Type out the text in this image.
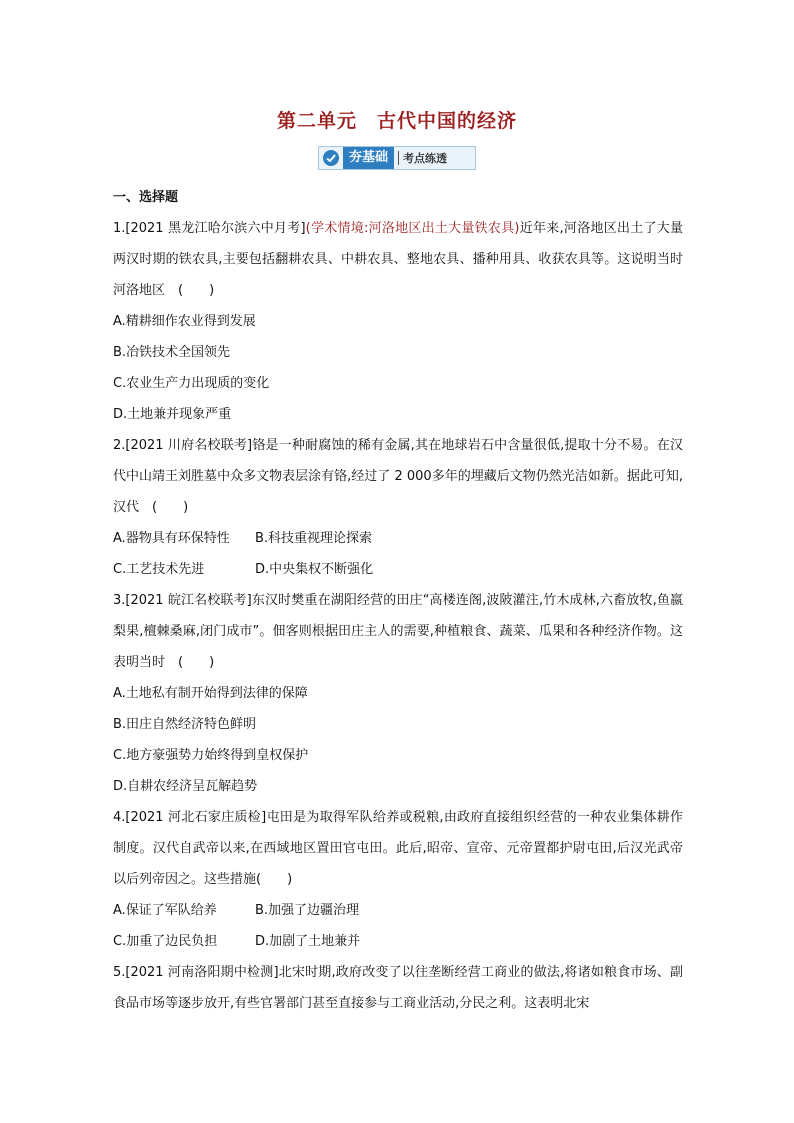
第二单元　古代中国的经济
夯基础	考点练透
一、选择题

1.[2021 黑龙江哈尔滨六中月考](学术情境:河洛地区出土大量铁农具)近年来,河洛地区出土了大量两汉时期的铁农具,主要包括翻耕农具、中耕农具、整地农具、播种用具、收获农具等。这说明当时河洛地区　(　　)

A.精耕细作农业得到发展

B.冶铁技术全国领先

C.农业生产力出现质的变化

D.土地兼并现象严重

2.[2021 川府名校联考]铬是一种耐腐蚀的稀有金属,其在地球岩石中含量很低,提取十分不易。在汉代中山靖王刘胜墓中众多文物表层涂有铬,经过了 2 000多年的埋藏后文物仍然光洁如新。据此可知,汉代　(　　)

A.器物具有环保特性	B.科技重视理论探索

C.工艺技术先进	D.中央集权不断强化

3.[2021 皖江名校联考]东汉时樊重在湖阳经营的田庄“高楼连阁,波陂灌注,竹木成林,六畜放牧,鱼嬴梨果,檀棘桑麻,闭门成市”。佃客则根据田庄主人的需要,种植粮食、蔬菜、瓜果和各种经济作物。这表明当时　(　　)

A.土地私有制开始得到法律的保障

B.田庄自然经济特色鲜明

C.地方豪强势力始终得到皇权保护

D.自耕农经济呈瓦解趋势

4.[2021 河北石家庄质检]屯田是为取得军队给养或税粮,由政府直接组织经营的一种农业集体耕作制度。汉代自武帝以来,在西域地区置田官屯田。此后,昭帝、宣帝、元帝置都护尉屯田,后汉光武帝以后列帝因之。这些措施(　　)

A.保证了军队给养	B.加强了边疆治理

C.加重了边民负担	D.加剧了土地兼并

5.[2021 河南洛阳期中检测]北宋时期,政府改变了以往垄断经营工商业的做法,将诸如粮食市场、副食品市场等逐步放开,有些官署部门甚至直接参与工商业活动,分民之利。这表明北宋
